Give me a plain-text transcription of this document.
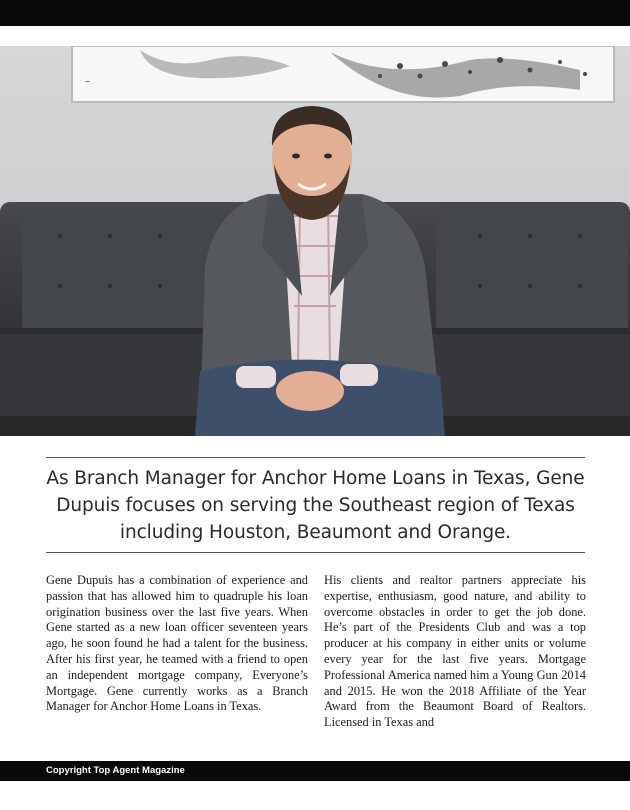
~

As Branch Manager for Anchor Home Loans in Texas, Gene Dupuis focuses on serving the Southeast region of Texas including Houston, Beaumont and Orange.

Gene Dupuis has a combination of experience and passion that has allowed him to quadruple his loan origination business over the last five years. When Gene started as a new loan officer seventeen years ago, he soon found he had a talent for the business. After his first year, he teamed with a friend to open an independent mortgage company, Everyone’s Mortgage. Gene currently works as a Branch Manager for Anchor Home Loans in Texas.

His clients and realtor partners appreciate his expertise, enthusiasm, good nature, and ability to overcome obstacles in order to get the job done. He’s part of the Presidents Club and was a top producer at his company in either units or volume every year for the last five years. Mortgage Professional America named him a Young Gun 2014 and 2015. He won the 2018 Affiliate of the Year Award from the Beaumont Board of Realtors. Licensed in Texas and

Copyright Top Agent Magazine
